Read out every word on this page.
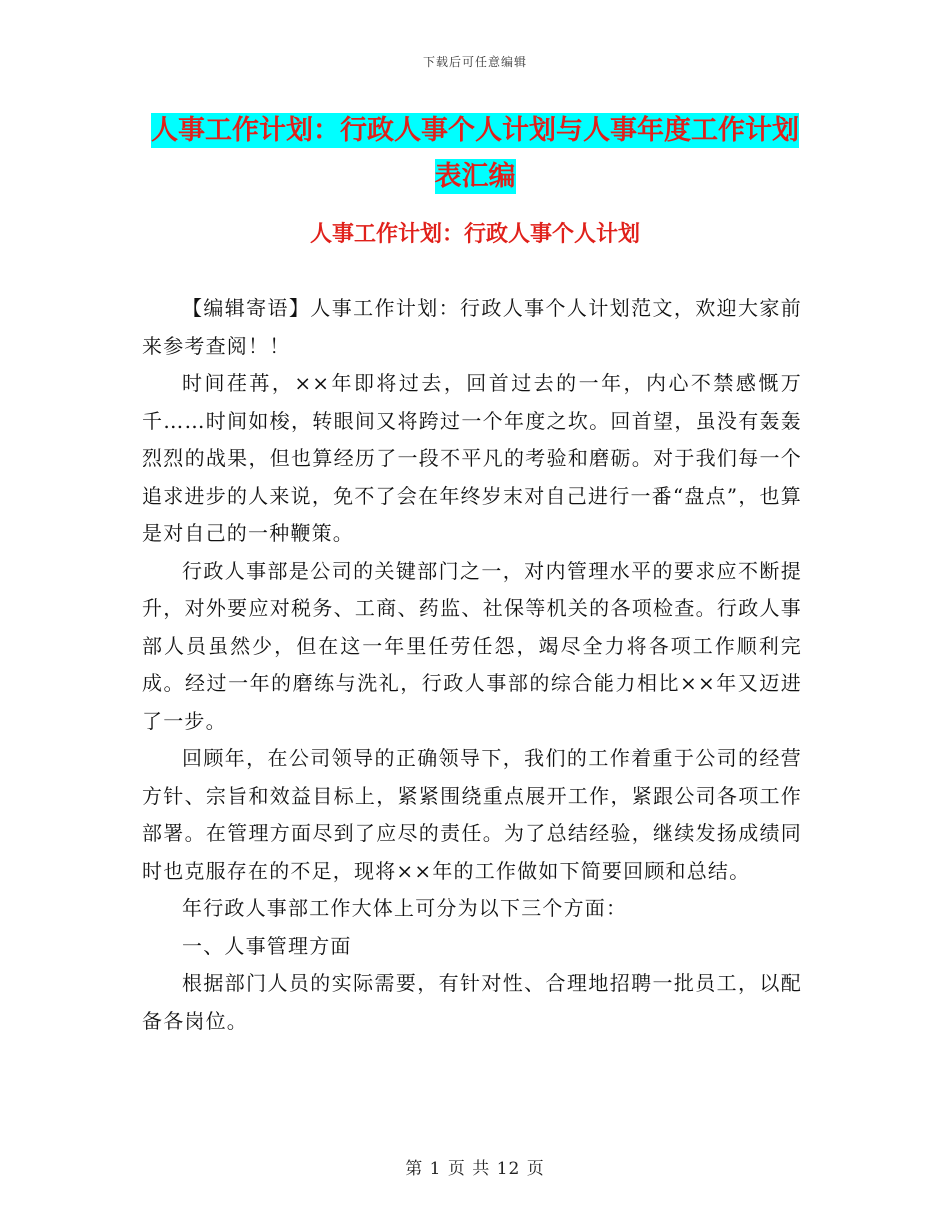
下载后可任意编辑
人事工作计划：行政人事个人计划与人事年度工作计划表汇编
人事工作计划：行政人事个人计划

【编辑寄语】人事工作计划：行政人事个人计划范文，欢迎大家前来参考查阅！！

时间荏苒，××年即将过去，回首过去的一年，内心不禁感慨万千……时间如梭，转眼间又将跨过一个年度之坎。回首望，虽没有轰轰烈烈的战果，但也算经历了一段不平凡的考验和磨砺。对于我们每一个追求进步的人来说，免不了会在年终岁末对自己进行一番“盘点”，也算是对自己的一种鞭策。

行政人事部是公司的关键部门之一，对内管理水平的要求应不断提升，对外要应对税务、工商、药监、社保等机关的各项检查。行政人事部人员虽然少，但在这一年里任劳任怨，竭尽全力将各项工作顺利完成。经过一年的磨练与洗礼，行政人事部的综合能力相比××年又迈进了一步。

回顾年，在公司领导的正确领导下，我们的工作着重于公司的经营方针、宗旨和效益目标上，紧紧围绕重点展开工作，紧跟公司各项工作部署。在管理方面尽到了应尽的责任。为了总结经验，继续发扬成绩同时也克服存在的不足，现将××年的工作做如下简要回顾和总结。

年行政人事部工作大体上可分为以下三个方面：

一、人事管理方面

根据部门人员的实际需要，有针对性、合理地招聘一批员工，以配备各岗位。

第 1 页 共 12 页
